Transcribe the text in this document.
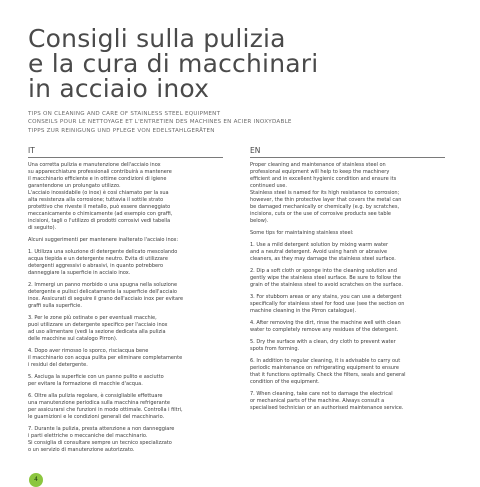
Consigli sulla pulizia
e la cura di macchinari
in acciaio inox
TIPS ON CLEANING AND CARE OF STAINLESS STEEL EQUIPMENT
CONSEILS POUR LE NETTOYAGE ET L'ENTRETIEN DES MACHINES EN ACIER INOXYDABLE
TIPPS ZUR REINIGUNG UND PFLEGE VON EDELSTAHLGERÄTEN
IT
Una corretta pulizia e manutenzione dell'acciaio inox
su apparecchiature professionali contribuirà a mantenere
il macchinario efficiente e in ottime condizioni di igiene
garantendone un prolungato utilizzo.
L'acciaio inossidabile (o inox) è così chiamato per la sua
alta resistenza alla corrosione; tuttavia il sottile strato
protettivo che riveste il metallo, può essere danneggiato
meccanicamente o chimicamente (ad esempio con graffi,
incisioni, tagli o l'utilizzo di prodotti corrosivi vedi tabella
di seguito).
Alcuni suggerimenti per mantenere inalterato l'acciaio inox:
1. Utilizza una soluzione di detergente delicato mescolando
acqua tiepida e un detergente neutro. Evita di utilizzare
detergenti aggressivi o abrasivi, in quanto potrebbero
danneggiare la superficie in acciaio inox.
2. Immergi un panno morbido o una spugna nella soluzione
detergente e pulisci delicatamente la superficie dell'acciaio
inox. Assicurati di seguire il grano dell'acciaio inox per evitare
graffi sulla superficie.
3. Per le zone più ostinate o per eventuali macchie,
puoi utilizzare un detergente specifico per l'acciaio inox
ad uso alimentare (vedi la sezione dedicata alla pulizia
delle macchine sul catalogo Pirron).
4. Dopo aver rimosso lo sporco, risciacqua bene
il macchinario con acqua pulita per eliminare completamente
i residui del detergente.
5. Asciuga la superficie con un panno pulito e asciutto
per evitare la formazione di macchie d'acqua.
6. Oltre alla pulizia regolare, è consigliabile effettuare
una manutenzione periodica sulla macchina refrigerante
per assicurarsi che funzioni in modo ottimale. Controlla i filtri,
le guarnizioni e le condizioni generali del macchinario.
7. Durante la pulizia, presta attenzione a non danneggiare
i parti elettriche o meccaniche del macchinario.
Si consiglia di consultare sempre un tecnico specializzato
o un servizio di manutenzione autorizzato.
EN
Proper cleaning and maintenance of stainless steel on
professional equipment will help to keep the machinery
efficient and in excellent hygienic condition and ensure its
continued use.
Stainless steel is named for its high resistance to corrosion;
however, the thin protective layer that covers the metal can
be damaged mechanically or chemically (e.g. by scratches,
incisions, cuts or the use of corrosive products see table
below).
Some tips for maintaining stainless steel:
1. Use a mild detergent solution by mixing warm water
and a neutral detergent. Avoid using harsh or abrasive
cleaners, as they may damage the stainless steel surface.
2. Dip a soft cloth or sponge into the cleaning solution and
gently wipe the stainless steel surface. Be sure to follow the
grain of the stainless steel to avoid scratches on the surface.
3. For stubborn areas or any stains, you can use a detergent
specifically for stainless steel for food use (see the section on
machine cleaning in the Pirron catalogue).
4. After removing the dirt, rinse the machine well with clean
water to completely remove any residues of the detergent.
5. Dry the surface with a clean, dry cloth to prevent water
spots from forming.
6. In addition to regular cleaning, it is advisable to carry out
periodic maintenance on refrigerating equipment to ensure
that it functions optimally. Check the filters, seals and general
condition of the equipment.
7. When cleaning, take care not to damage the electrical
or mechanical parts of the machine. Always consult a
specialised technician or an authorised maintenance service.
4
